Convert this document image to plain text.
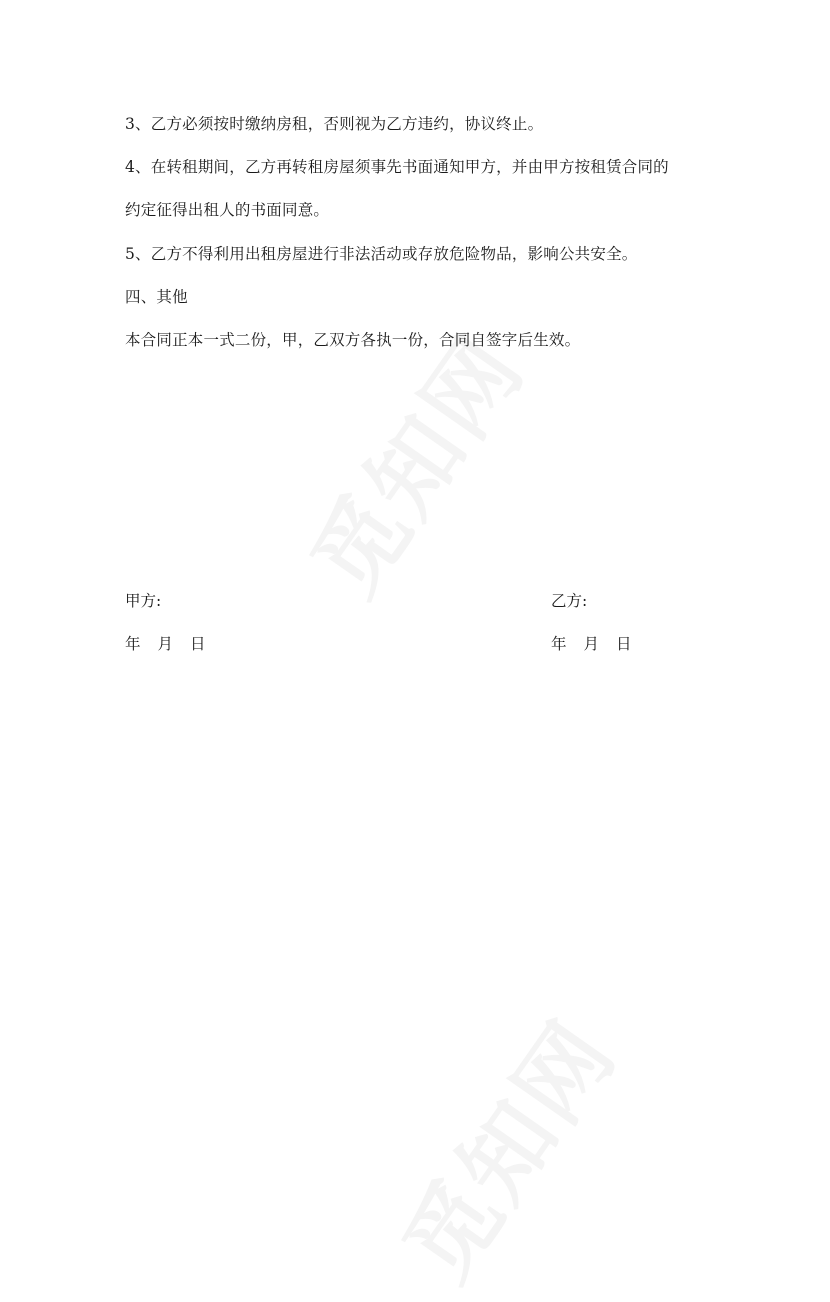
3、乙方必须按时缴纳房租，否则视为乙方违约，协议终止。
4、在转租期间，乙方再转租房屋须事先书面通知甲方，并由甲方按租赁合同的
约定征得出租人的书面同意。
5、乙方不得利用出租房屋进行非法活动或存放危险物品，影响公共安全。
四、其他
本合同正本一式二份，甲，乙双方各执一份，合同自签字后生效。
甲方:	乙方:
年 月 日	年 月 日
